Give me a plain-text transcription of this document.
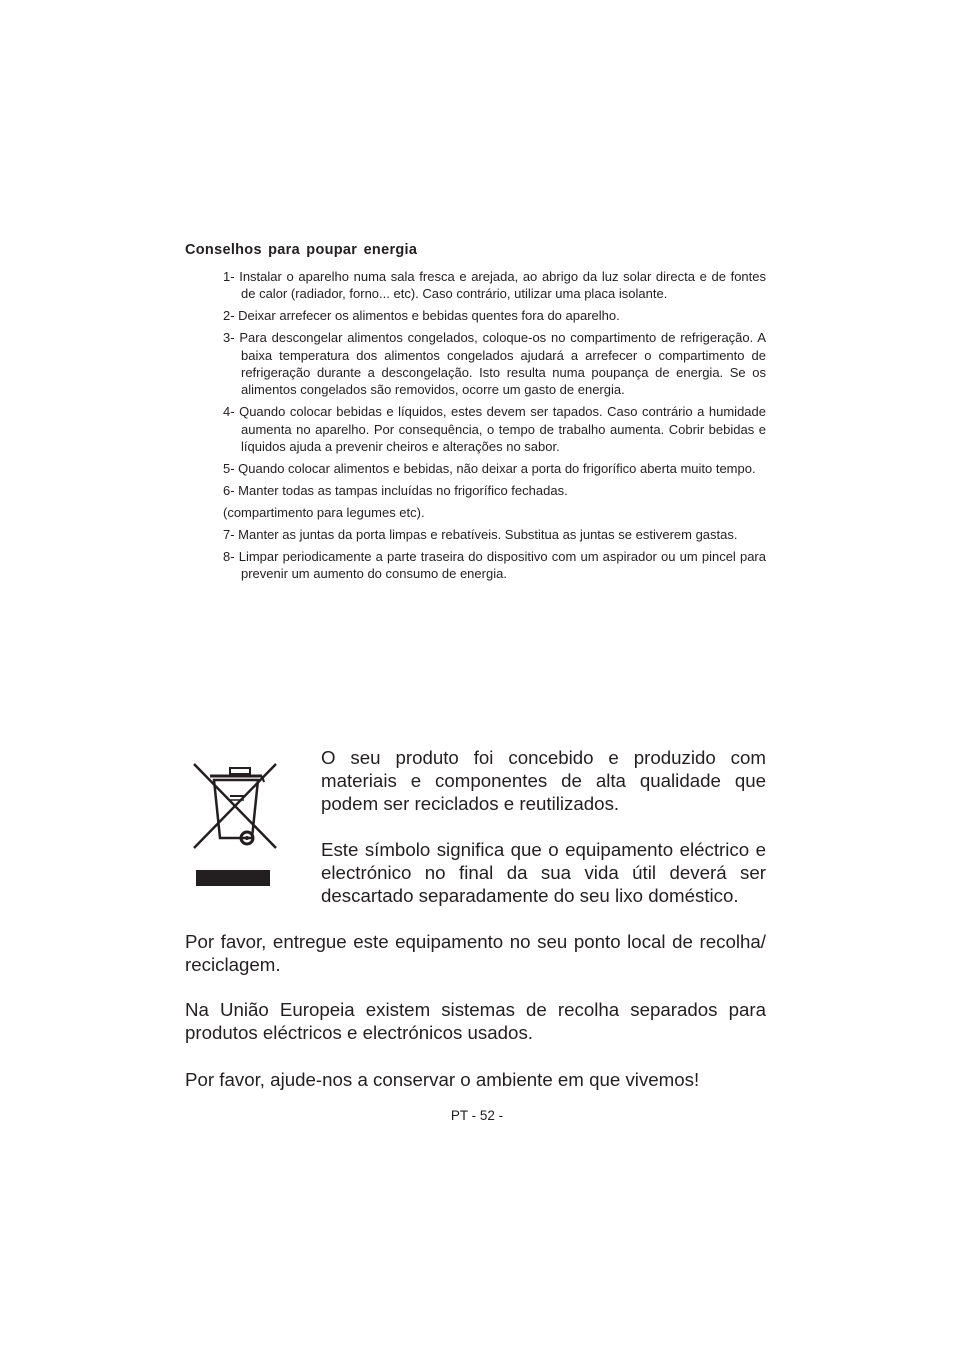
Conselhos para poupar energia
1- Instalar o aparelho numa sala fresca e arejada, ao abrigo da luz solar directa e de fontes de calor (radiador, forno... etc). Caso contrário, utilizar uma placa isolante.
2- Deixar arrefecer os alimentos e bebidas quentes fora do aparelho.
3- Para descongelar alimentos congelados, coloque-os no compartimento de refrigeração. A baixa temperatura dos alimentos congelados ajudará a arrefecer o compartimento de refrigeração durante a descongelação. Isto resulta numa poupança de energia. Se os alimentos congelados são removidos, ocorre um gasto de energia.
4- Quando colocar bebidas e líquidos, estes devem ser tapados. Caso contrário a humidade aumenta no aparelho. Por consequência, o tempo de trabalho aumenta. Cobrir bebidas e líquidos ajuda a prevenir cheiros e alterações no sabor.
5- Quando colocar alimentos e bebidas, não deixar a porta do frigorífico aberta muito tempo.
6- Manter todas as tampas incluídas no frigorífico fechadas.
(compartimento para legumes etc).
7- Manter as juntas da porta limpas e rebatíveis. Substitua as juntas se estiverem gastas.
8- Limpar periodicamente a parte traseira do dispositivo com um aspirador ou um pincel para prevenir um aumento do consumo de energia.

O seu produto foi concebido e produzido com materiais e componentes de alta qualidade que podem ser reciclados e reutilizados.

Este símbolo significa que o equipamento eléctrico e electrónico no final da sua vida útil deverá ser descartado separadamente do seu lixo doméstico.

Por favor, entregue este equipamento no seu ponto local de recolha/ reciclagem.

Na União Europeia existem sistemas de recolha separados para produtos eléctricos e electrónicos usados.

Por favor, ajude-nos a conservar o ambiente em que vivemos!

PT - 52 -
